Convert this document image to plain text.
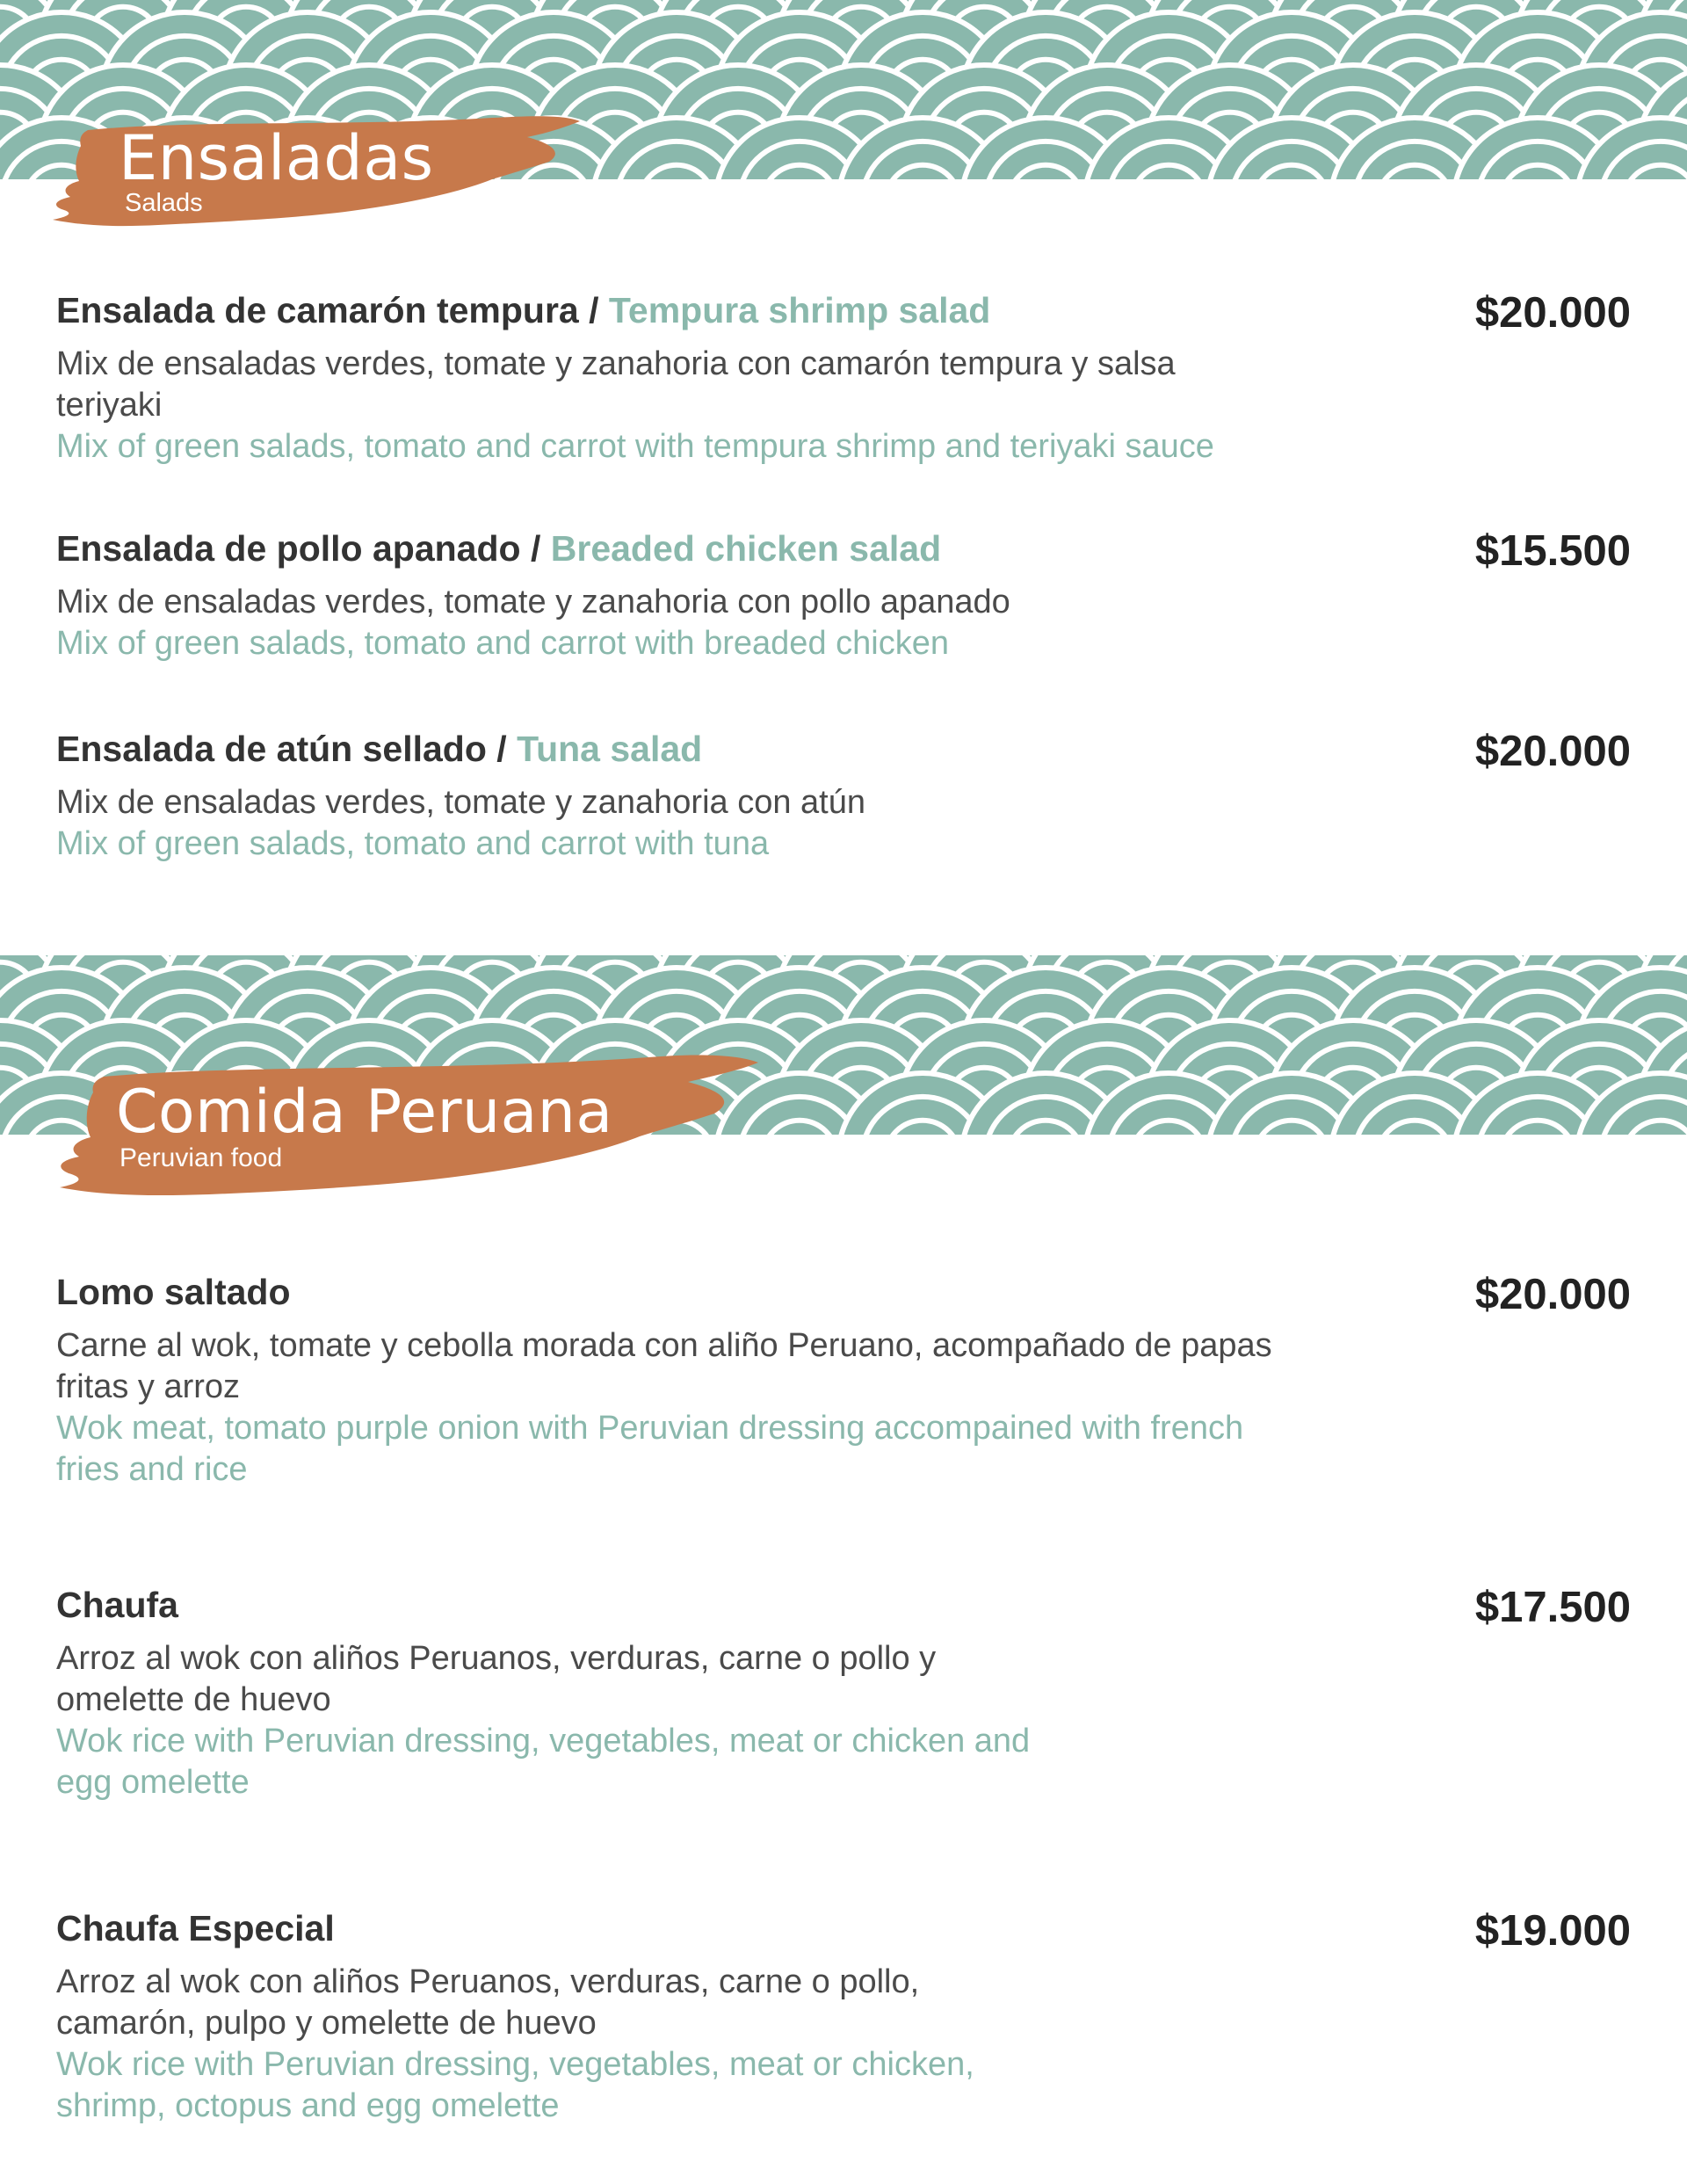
Ensaladas

Salads

Ensalada de camarón tempura / Tempura shrimp salad	$20.000

Mix de ensaladas verdes, tomate y zanahoria con camarón tempura y salsa teriyaki

Mix of green salads, tomato and carrot with tempura shrimp and teriyaki sauce

Ensalada de pollo apanado / Breaded chicken salad	$15.500

Mix de ensaladas verdes, tomate y zanahoria con pollo apanado

Mix of green salads, tomato and carrot with breaded chicken

Ensalada de atún sellado / Tuna salad	$20.000

Mix de ensaladas verdes, tomate y zanahoria con atún

Mix of green salads, tomato and carrot with tuna

Comida Peruana

Peruvian food

Lomo saltado	$20.000

Carne al wok, tomate y cebolla morada con aliño Peruano, acompañado de papas fritas y arroz

Wok meat, tomato purple onion with Peruvian dressing accompained with french fries and rice

Chaufa	$17.500

Arroz al wok con aliños Peruanos, verduras, carne o pollo y omelette de huevo

Wok rice with Peruvian dressing, vegetables, meat or chicken and egg omelette

Chaufa Especial	$19.000

Arroz al wok con aliños Peruanos, verduras, carne o pollo, camarón, pulpo y omelette de huevo

Wok rice with Peruvian dressing, vegetables, meat or chicken, shrimp, octopus and egg omelette
